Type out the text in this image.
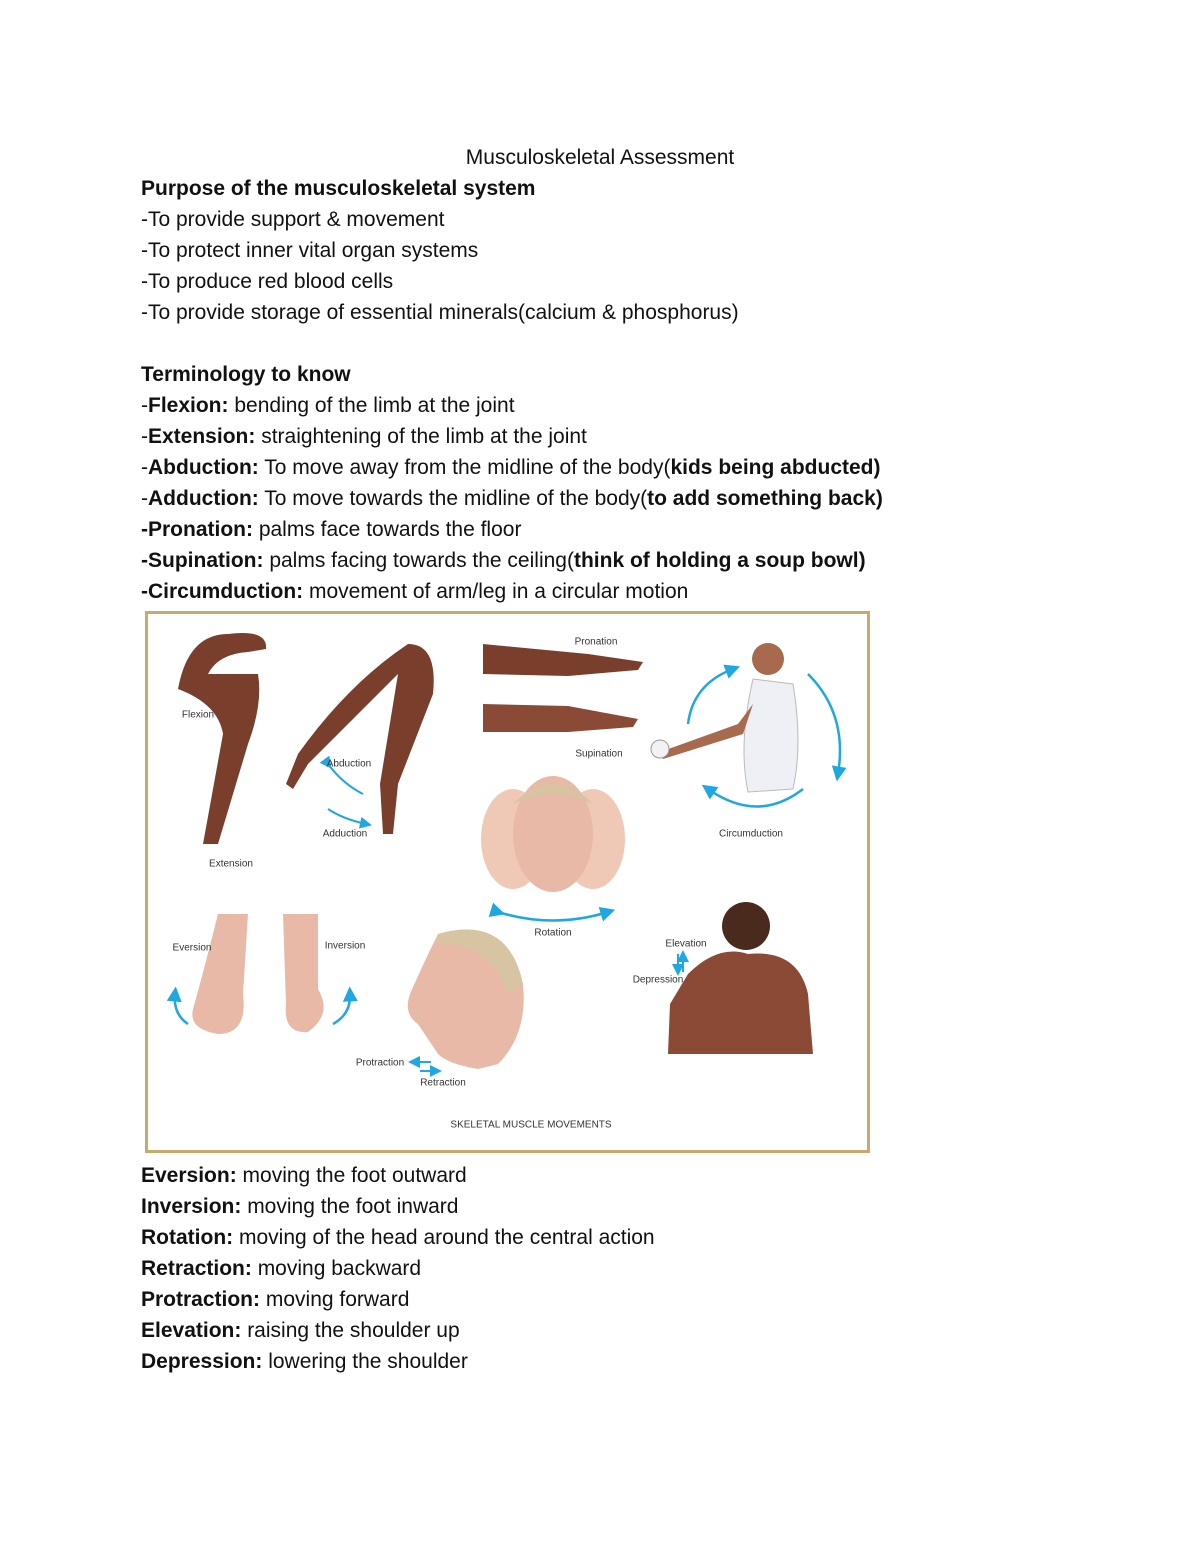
Musculoskeletal Assessment
Purpose of the musculoskeletal system
-To provide support & movement
-To protect inner vital organ systems
-To produce red blood cells
-To provide storage of essential minerals(calcium & phosphorus)
Terminology to know
-Flexion: bending of the limb at the joint
-Extension: straightening of the limb at the joint
-Abduction: To move away from the midline of the body(kids being abducted)
-Adduction: To move towards the midline of the body(to add something back)
-Pronation: palms face towards the floor
-Supination: palms facing towards the ceiling(think of holding a soup bowl)
-Circumduction: movement of arm/leg in a circular motion
Flexion
Extension
Abduction
Adduction
Pronation
Supination
Circumduction
Rotation
Eversion	Inversion	Elevation
Depression
Protraction
Retraction
SKELETAL MUSCLE MOVEMENTS
Eversion: moving the foot outward
Inversion: moving the foot inward
Rotation: moving of the head around the central action
Retraction: moving backward
Protraction: moving forward
Elevation: raising the shoulder up
Depression: lowering the shoulder
